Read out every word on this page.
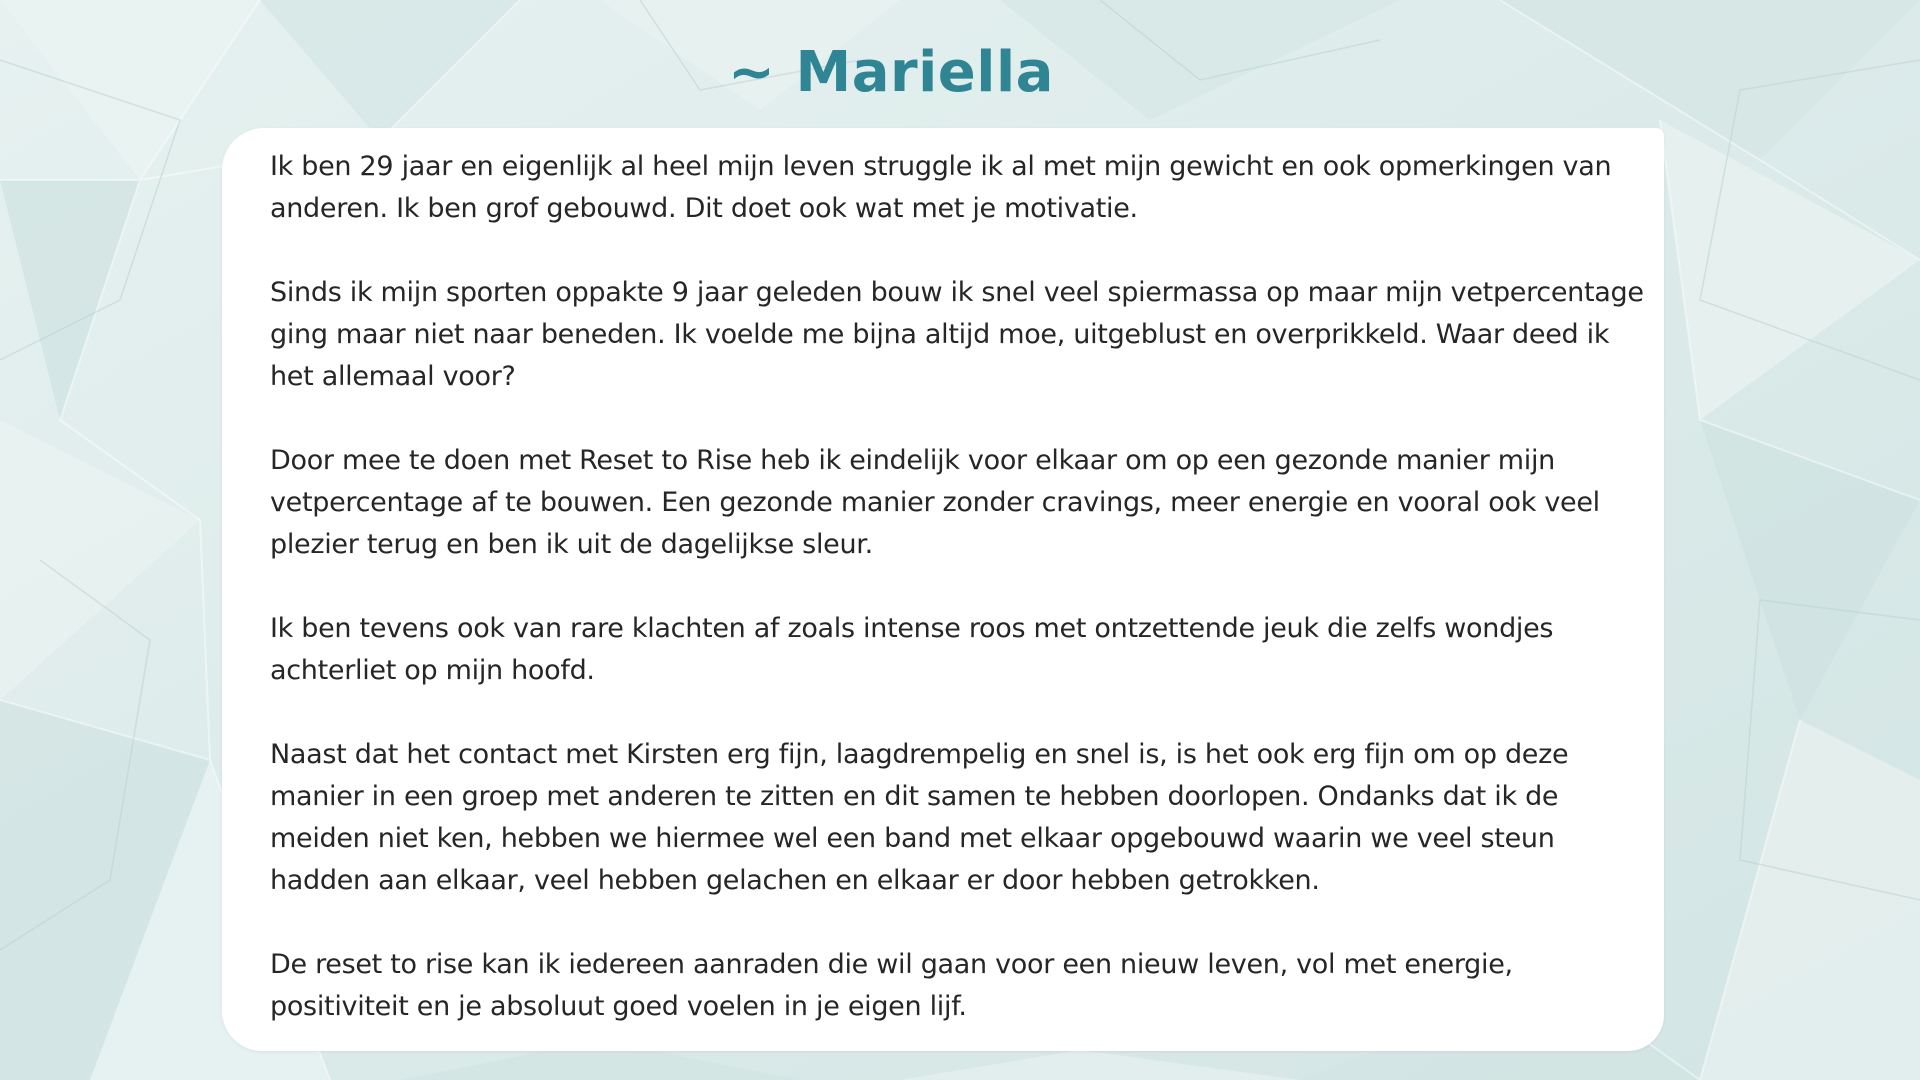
~ Mariella

Ik ben 29 jaar en eigenlijk al heel mijn leven struggle ik al met mijn gewicht en ook opmerkingen van anderen. Ik ben grof gebouwd. Dit doet ook wat met je motivatie.

Sinds ik mijn sporten oppakte 9 jaar geleden bouw ik snel veel spiermassa op maar mijn vetpercentage ging maar niet naar beneden. Ik voelde me bijna altijd moe, uitgeblust en overprikkeld. Waar deed ik het allemaal voor?

Door mee te doen met Reset to Rise heb ik eindelijk voor elkaar om op een gezonde manier mijn vetpercentage af te bouwen. Een gezonde manier zonder cravings, meer energie en vooral ook veel plezier terug en ben ik uit de dagelijkse sleur.

Ik ben tevens ook van rare klachten af zoals intense roos met ontzettende jeuk die zelfs wondjes achterliet op mijn hoofd.

Naast dat het contact met Kirsten erg fijn, laagdrempelig en snel is, is het ook erg fijn om op deze manier in een groep met anderen te zitten en dit samen te hebben doorlopen. Ondanks dat ik de meiden niet ken, hebben we hiermee wel een band met elkaar opgebouwd waarin we veel steun hadden aan elkaar, veel hebben gelachen en elkaar er door hebben getrokken.

De reset to rise kan ik iedereen aanraden die wil gaan voor een nieuw leven, vol met energie, positiviteit en je absoluut goed voelen in je eigen lijf.
